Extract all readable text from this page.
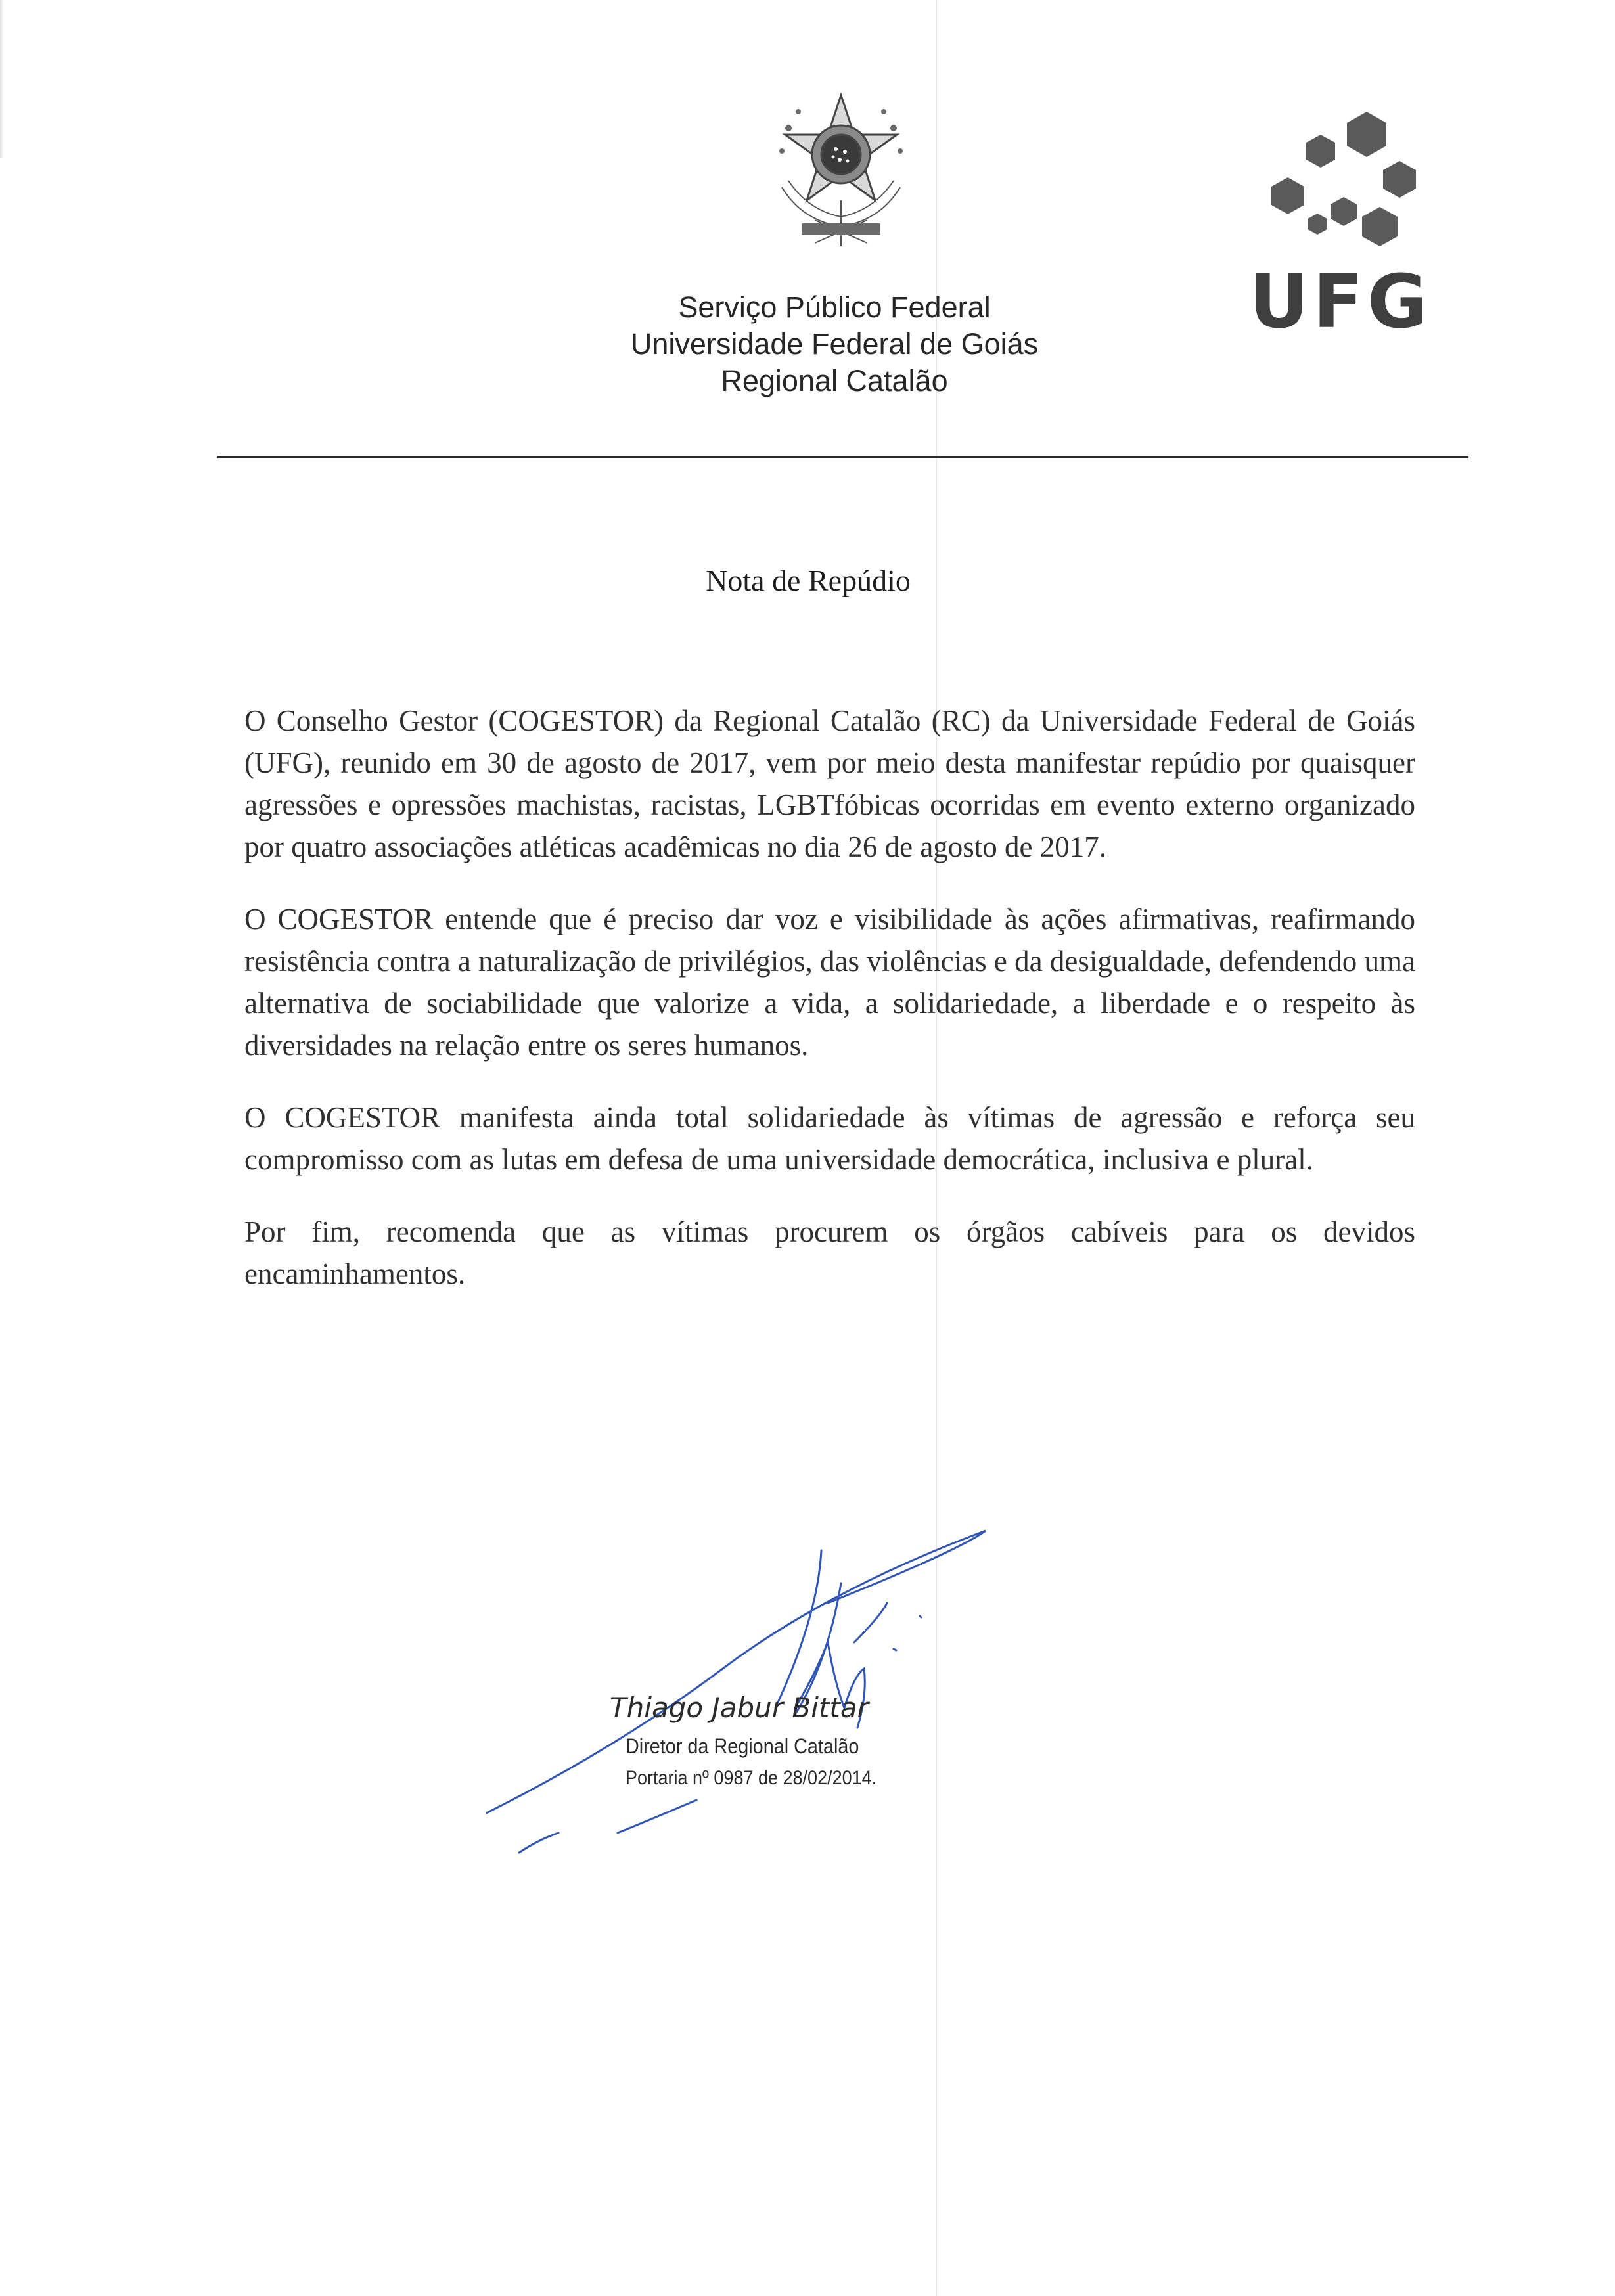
Serviço Público Federal
Universidade Federal de Goiás
Regional Catalão
UFG
Nota de Repúdio

O Conselho Gestor (COGESTOR) da Regional Catalão (RC) da Universidade Federal de Goiás (UFG), reunido em 30 de agosto de 2017, vem por meio desta manifestar repúdio por quaisquer agressões e opressões machistas, racistas, LGBTfóbicas ocorridas em evento externo organizado por quatro associações atléticas acadêmicas no dia 26 de agosto de 2017.

O COGESTOR entende que é preciso dar voz e visibilidade às ações afirmativas, reafirmando resistência contra a naturalização de privilégios, das violências e da desigualdade, defendendo uma alternativa de sociabilidade que valorize a vida, a solidariedade, a liberdade e o respeito às diversidades na relação entre os seres humanos.

O COGESTOR manifesta ainda total solidariedade às vítimas de agressão e reforça seu compromisso com as lutas em defesa de uma universidade democrática, inclusiva e plural.

Por fim, recomenda que as vítimas procurem os órgãos cabíveis para os devidos encaminhamentos.

Thiago Jabur Bittar
Diretor da Regional Catalão
Portaria nº 0987 de 28/02/2014.
